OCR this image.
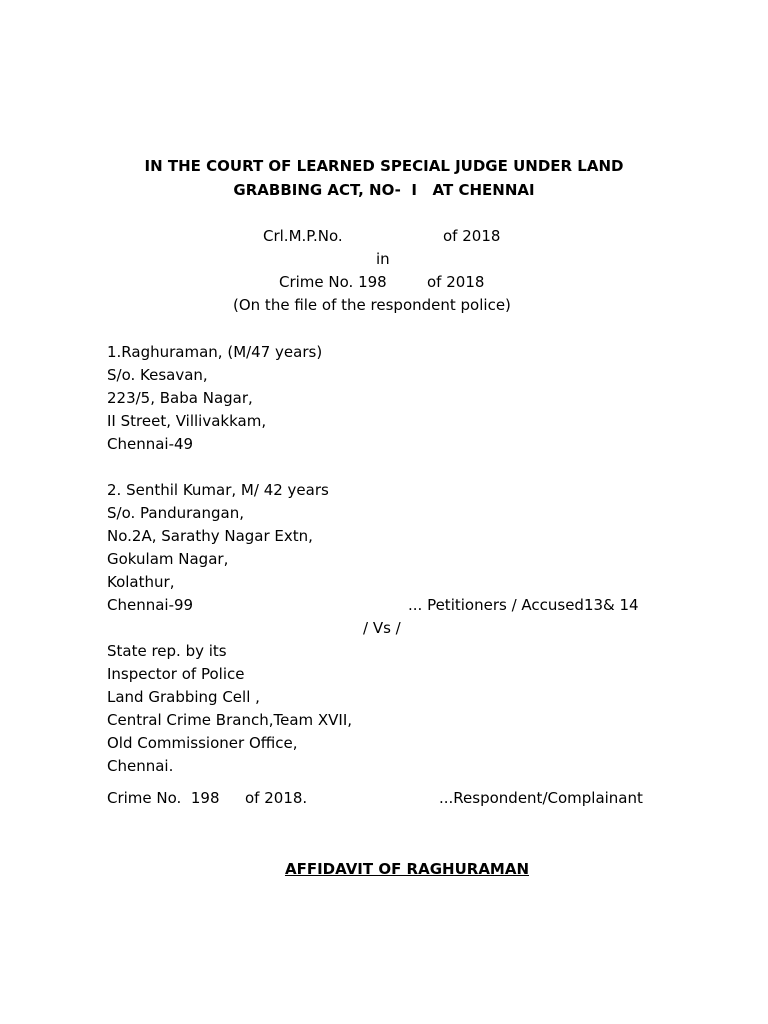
IN THE COURT OF LEARNED SPECIAL JUDGE UNDER LAND
GRABBING ACT, NO-  I   AT CHENNAI
Crl.M.P.No.	of 2018
in
Crime No. 198	of 2018
(On the file of the respondent police)
1.Raghuraman, (M/47 years)
S/o. Kesavan,
223/5, Baba Nagar,
II Street, Villivakkam,
Chennai-49
2. Senthil Kumar, M/ 42 years
S/o. Pandurangan,
No.2A, Sarathy Nagar Extn,
Gokulam Nagar,
Kolathur,
Chennai-99	... Petitioners / Accused13& 14
/ Vs /
State rep. by its
Inspector of Police
Land Grabbing Cell ,
Central Crime Branch,Team XVII,
Old Commissioner Office,
Chennai.
Crime No.  198 of 2018.	...Respondent/Complainant
AFFIDAVIT OF RAGHURAMAN
